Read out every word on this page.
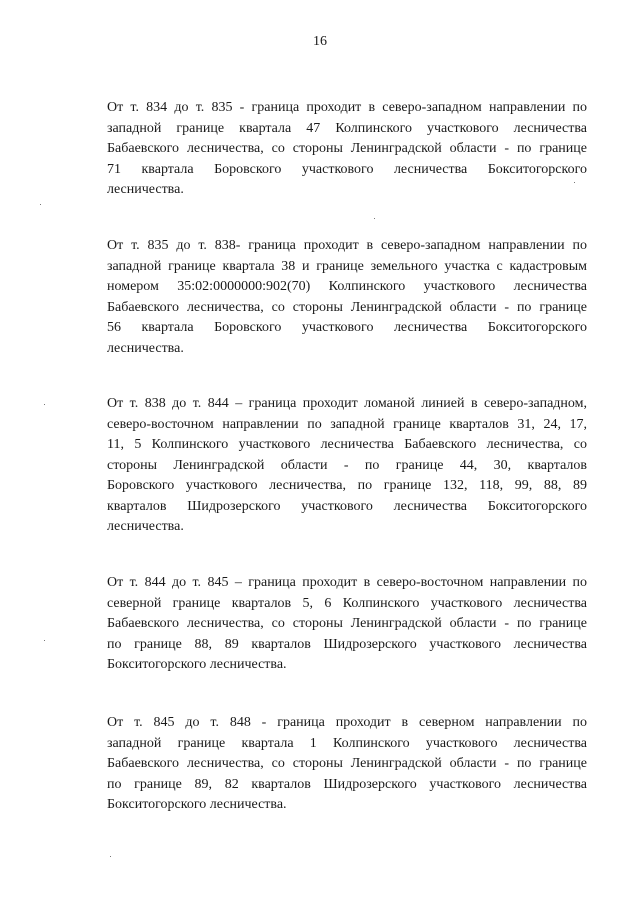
16
От т. 834 до т. 835 - граница проходит в северо-западном направлении по
западной границе квартала 47 Колпинского участкового лесничества
Бабаевского лесничества, со стороны Ленинградской области - по границе
71 квартала Боровского участкового лесничества Бокситогорского
лесничества.
От т. 835 до т. 838- граница проходит в северо-западном направлении по
западной границе квартала 38 и границе земельного участка с кадастровым
номером 35:02:0000000:902(70) Колпинского участкового лесничества
Бабаевского лесничества, со стороны Ленинградской области - по границе
56 квартала Боровского участкового лесничества Бокситогорского
лесничества.
От т. 838 до т. 844 – граница проходит ломаной линией в северо-западном,
северо-восточном направлении по западной границе кварталов 31, 24, 17,
11, 5 Колпинского участкового лесничества Бабаевского лесничества, со
стороны Ленинградской области - по границе 44, 30, кварталов
Боровского участкового лесничества, по границе 132, 118, 99, 88, 89
кварталов Шидрозерского участкового лесничества Бокситогорского
лесничества.
От т. 844 до т. 845 – граница проходит в северо-восточном направлении по
северной границе кварталов 5, 6 Колпинского участкового лесничества
Бабаевского лесничества, со стороны Ленинградской области - по границе
по границе 88, 89 кварталов Шидрозерского участкового лесничества
Бокситогорского лесничества.
От т. 845 до т. 848 - граница проходит в северном направлении по
западной границе квартала 1 Колпинского участкового лесничества
Бабаевского лесничества, со стороны Ленинградской области - по границе
по границе 89, 82 кварталов Шидрозерского участкового лесничества
Бокситогорского лесничества.
